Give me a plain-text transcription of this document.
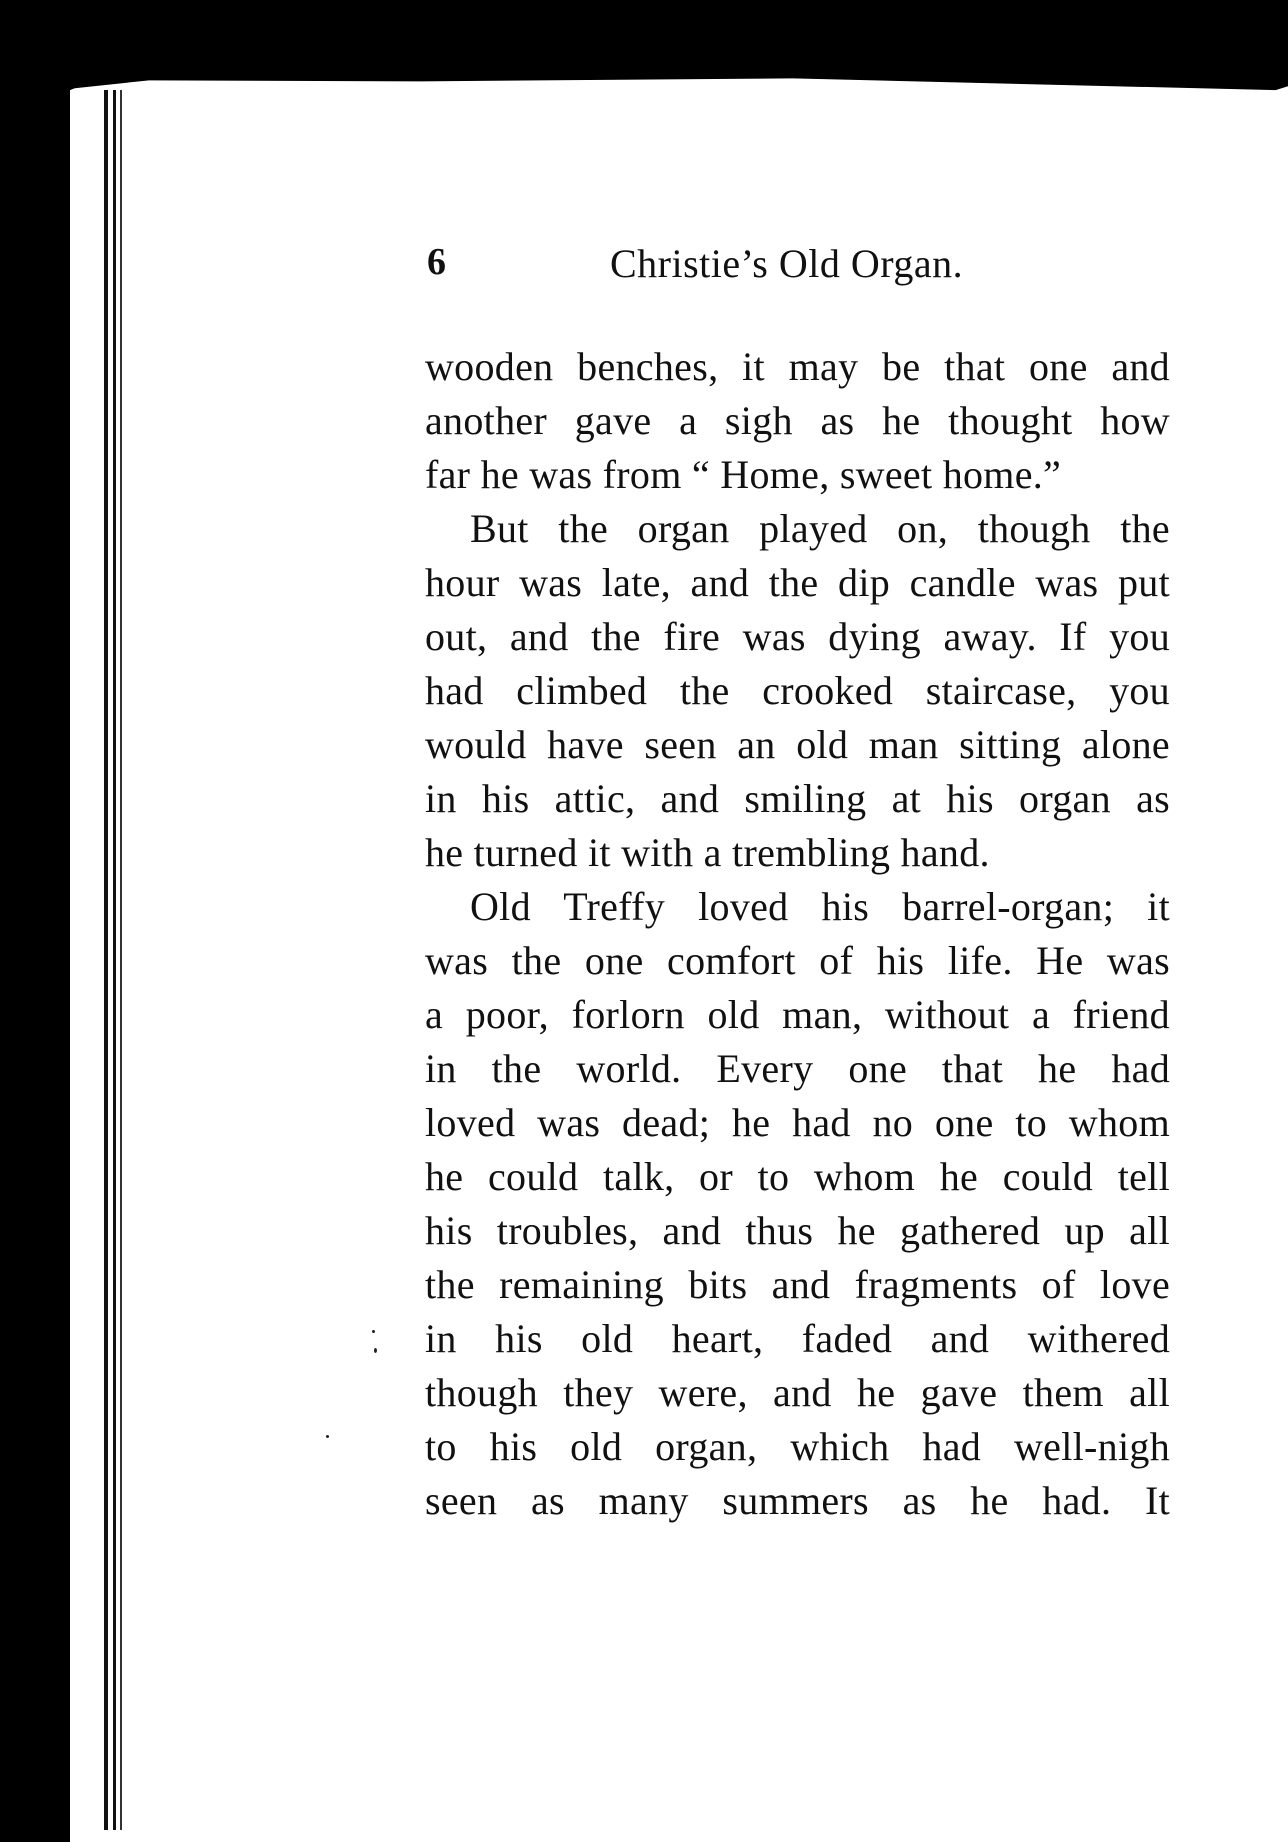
6	Christie’s Old Organ.
wooden benches, it may be that one and
another gave a sigh as he thought how
far he was from “ Home, sweet home.”
But the organ played on, though the
hour was late, and the dip candle was put
out, and the fire was dying away. If you
had climbed the crooked staircase, you
would have seen an old man sitting alone
in his attic, and smiling at his organ as
he turned it with a trembling hand.
Old Treffy loved his barrel-organ; it
was the one comfort of his life. He was
a poor, forlorn old man, without a friend
in the world. Every one that he had
loved was dead; he had no one to whom
he could talk, or to whom he could tell
his troubles, and thus he gathered up all
the remaining bits and fragments of love
in his old heart, faded and withered
though they were, and he gave them all
to his old organ, which had well-nigh
seen as many summers as he had. It
